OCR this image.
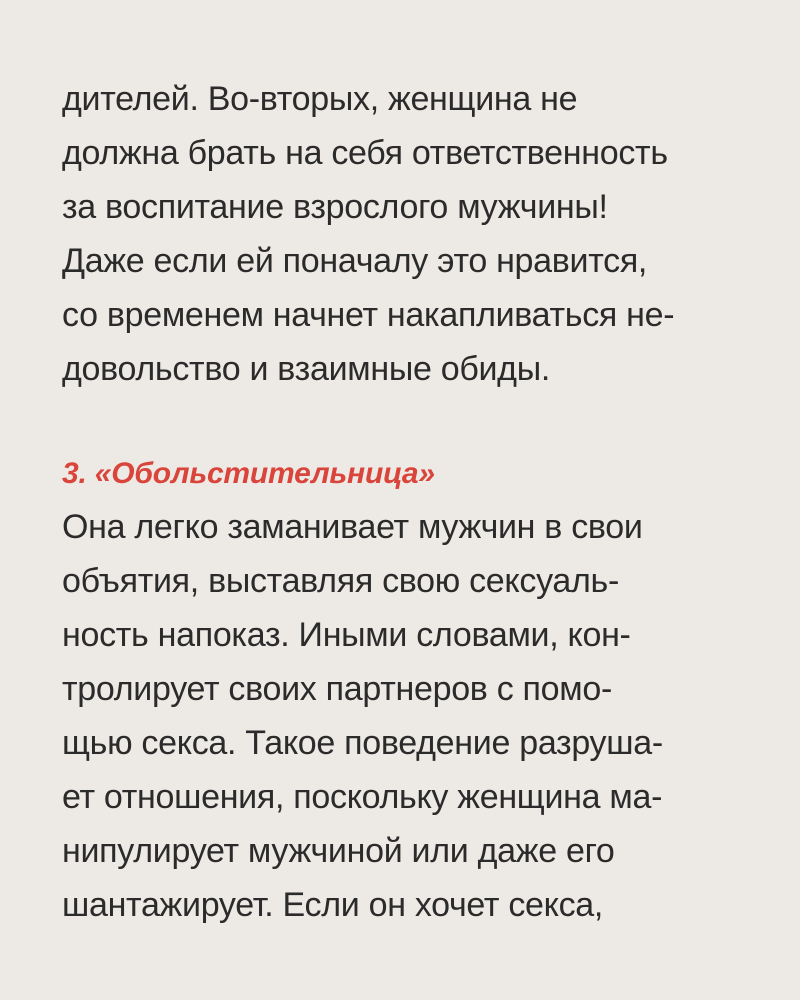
дителей. Во-вторых, женщина не
должна брать на себя ответственность
за воспитание взрослого мужчины!
Даже если ей поначалу это нравится,
со временем начнет накапливаться не-
довольство и взаимные обиды.
3. «Обольстительница»
Она легко заманивает мужчин в свои
объятия, выставляя свою сексуаль-
ность напоказ. Иными словами, кон-
тролирует своих партнеров с помо-
щью секса. Такое поведение разруша-
ет отношения, поскольку женщина ма-
нипулирует мужчиной или даже его
шантажирует. Если он хочет секса,
